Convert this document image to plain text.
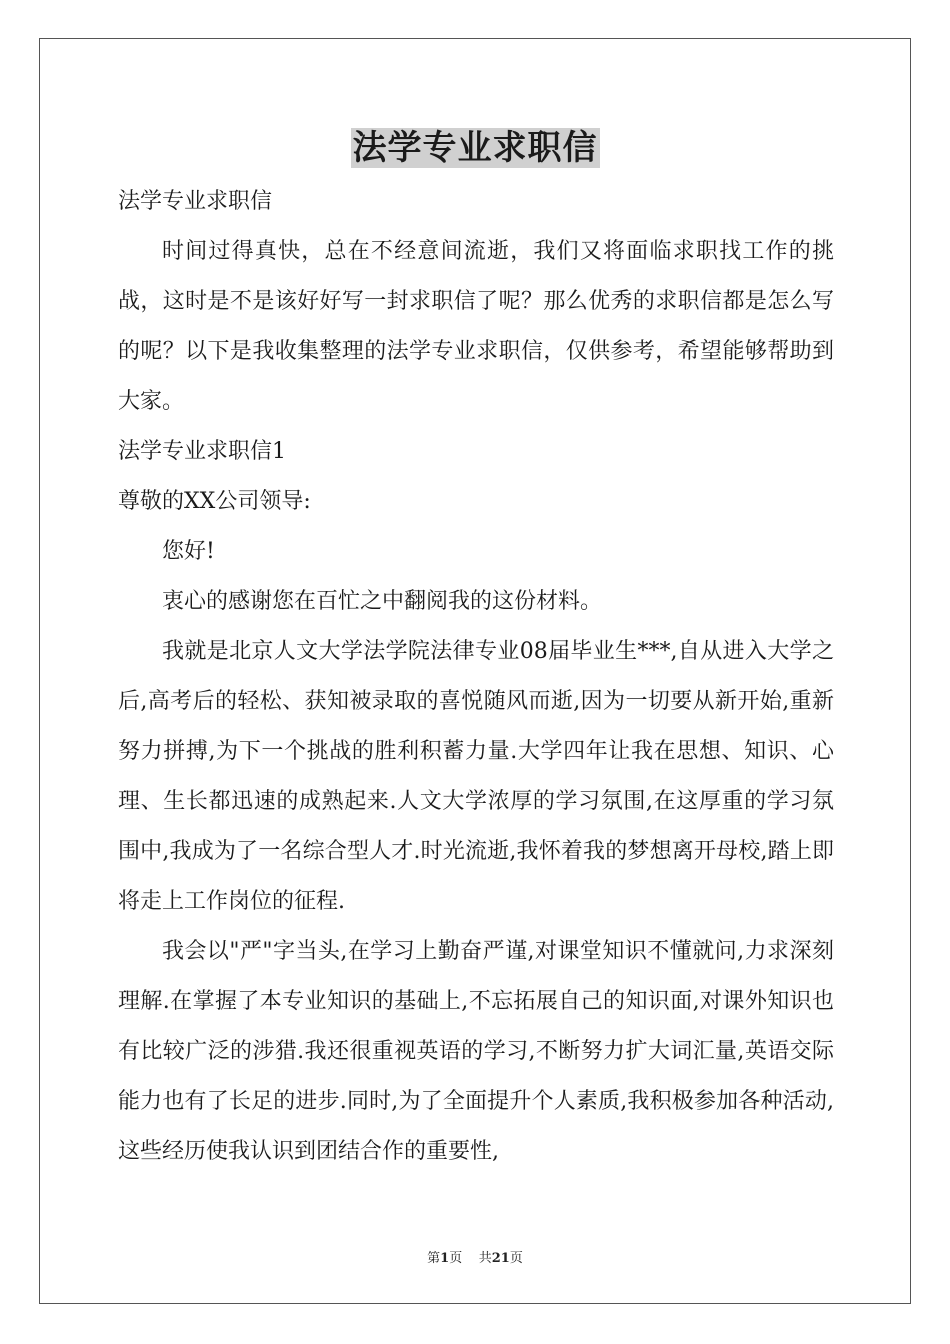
法学专业求职信

法学专业求职信

时间过得真快，总在不经意间流逝，我们又将面临求职找工作的挑战，这时是不是该好好写一封求职信了呢？那么优秀的求职信都是怎么写的呢？以下是我收集整理的法学专业求职信，仅供参考，希望能够帮助到大家。

法学专业求职信1

尊敬的XX公司领导:

您好!

衷心的感谢您在百忙之中翻阅我的这份材料。

我就是北京人文大学法学院法律专业08届毕业生***,自从进入大学之后,高考后的轻松、获知被录取的喜悦随风而逝,因为一切要从新开始,重新努力拼搏,为下一个挑战的胜利积蓄力量.大学四年让我在思想、知识、心理、生长都迅速的成熟起来.人文大学浓厚的学习氛围,在这厚重的学习氛围中,我成为了一名综合型人才.时光流逝,我怀着我的梦想离开母校,踏上即将走上工作岗位的征程.

我会以"严"字当头,在学习上勤奋严谨,对课堂知识不懂就问,力求深刻理解.在掌握了本专业知识的基础上,不忘拓展自己的知识面,对课外知识也有比较广泛的涉猎.我还很重视英语的学习,不断努力扩大词汇量,英语交际能力也有了长足的进步.同时,为了全面提升个人素质,我积极参加各种活动,这些经历使我认识到团结合作的重要性,

第1页 共21页
